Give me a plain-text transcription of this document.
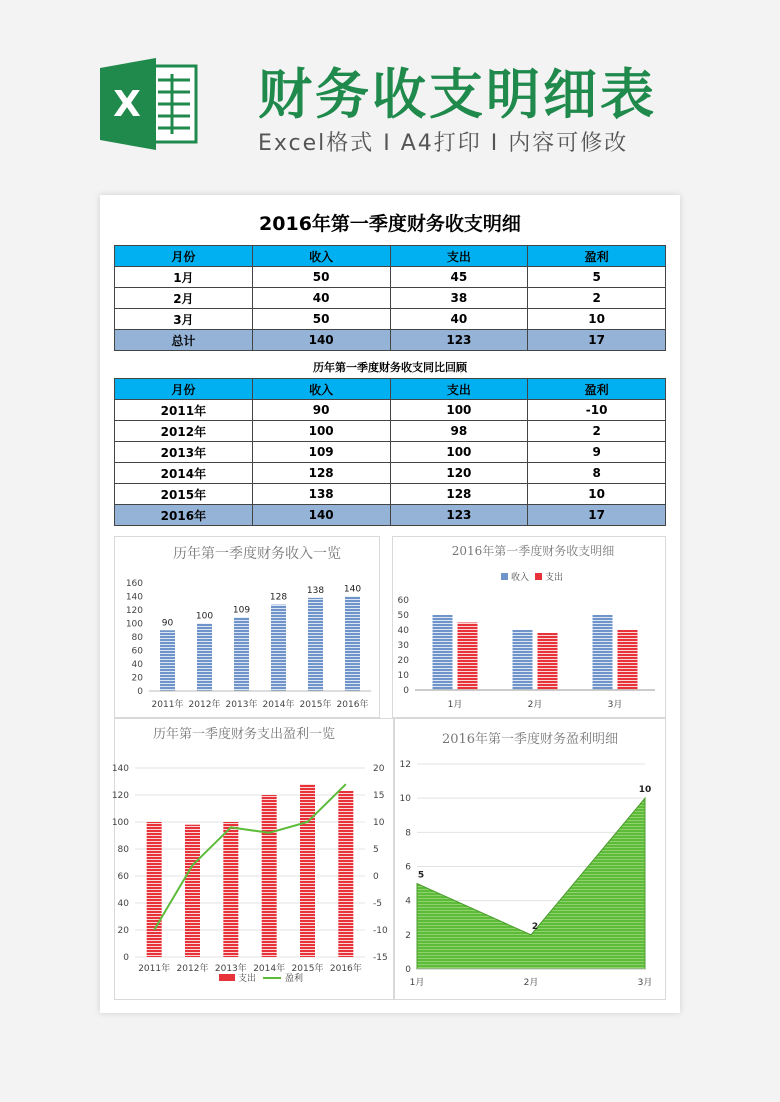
X 财务收支明细表
Excel格式 I A4打印 I 内容可修改
2016年第一季度财务收支明细
月份	收入	支出	盈利
1月	50	45	5
2月	40	38	2
3月	50	40	10
总计	140	123	17
历年第一季度财务收支同比回顾
月份	收入	支出	盈利
2011年	90	100	-10
2012年	100	98	2
2013年	109	100	9
2014年	128	120	8
2015年	138	128	10
2016年	140	123	17
历年第一季度财务收入一览
0
20
40
60
80
100
120
140
160
90
2011年
100
2012年
109
2013年
128
2014年
138
2015年
140
2016年
2016年第一季度财务收支明细
收入 支出
0
10
20
30
40
50
60
1月	2月	3月
历年第一季度财务支出盈利一览
0
20
40
60
80
100
120
140
-15
-10
-5
0
5
10
15
20
2011年 2012年 2013年 2014年 2015年 2016年
支出	盈利
2016年第一季度财务盈利明细
0
2
4
6
8
10
12
1月
5
2月
2
3月
10
